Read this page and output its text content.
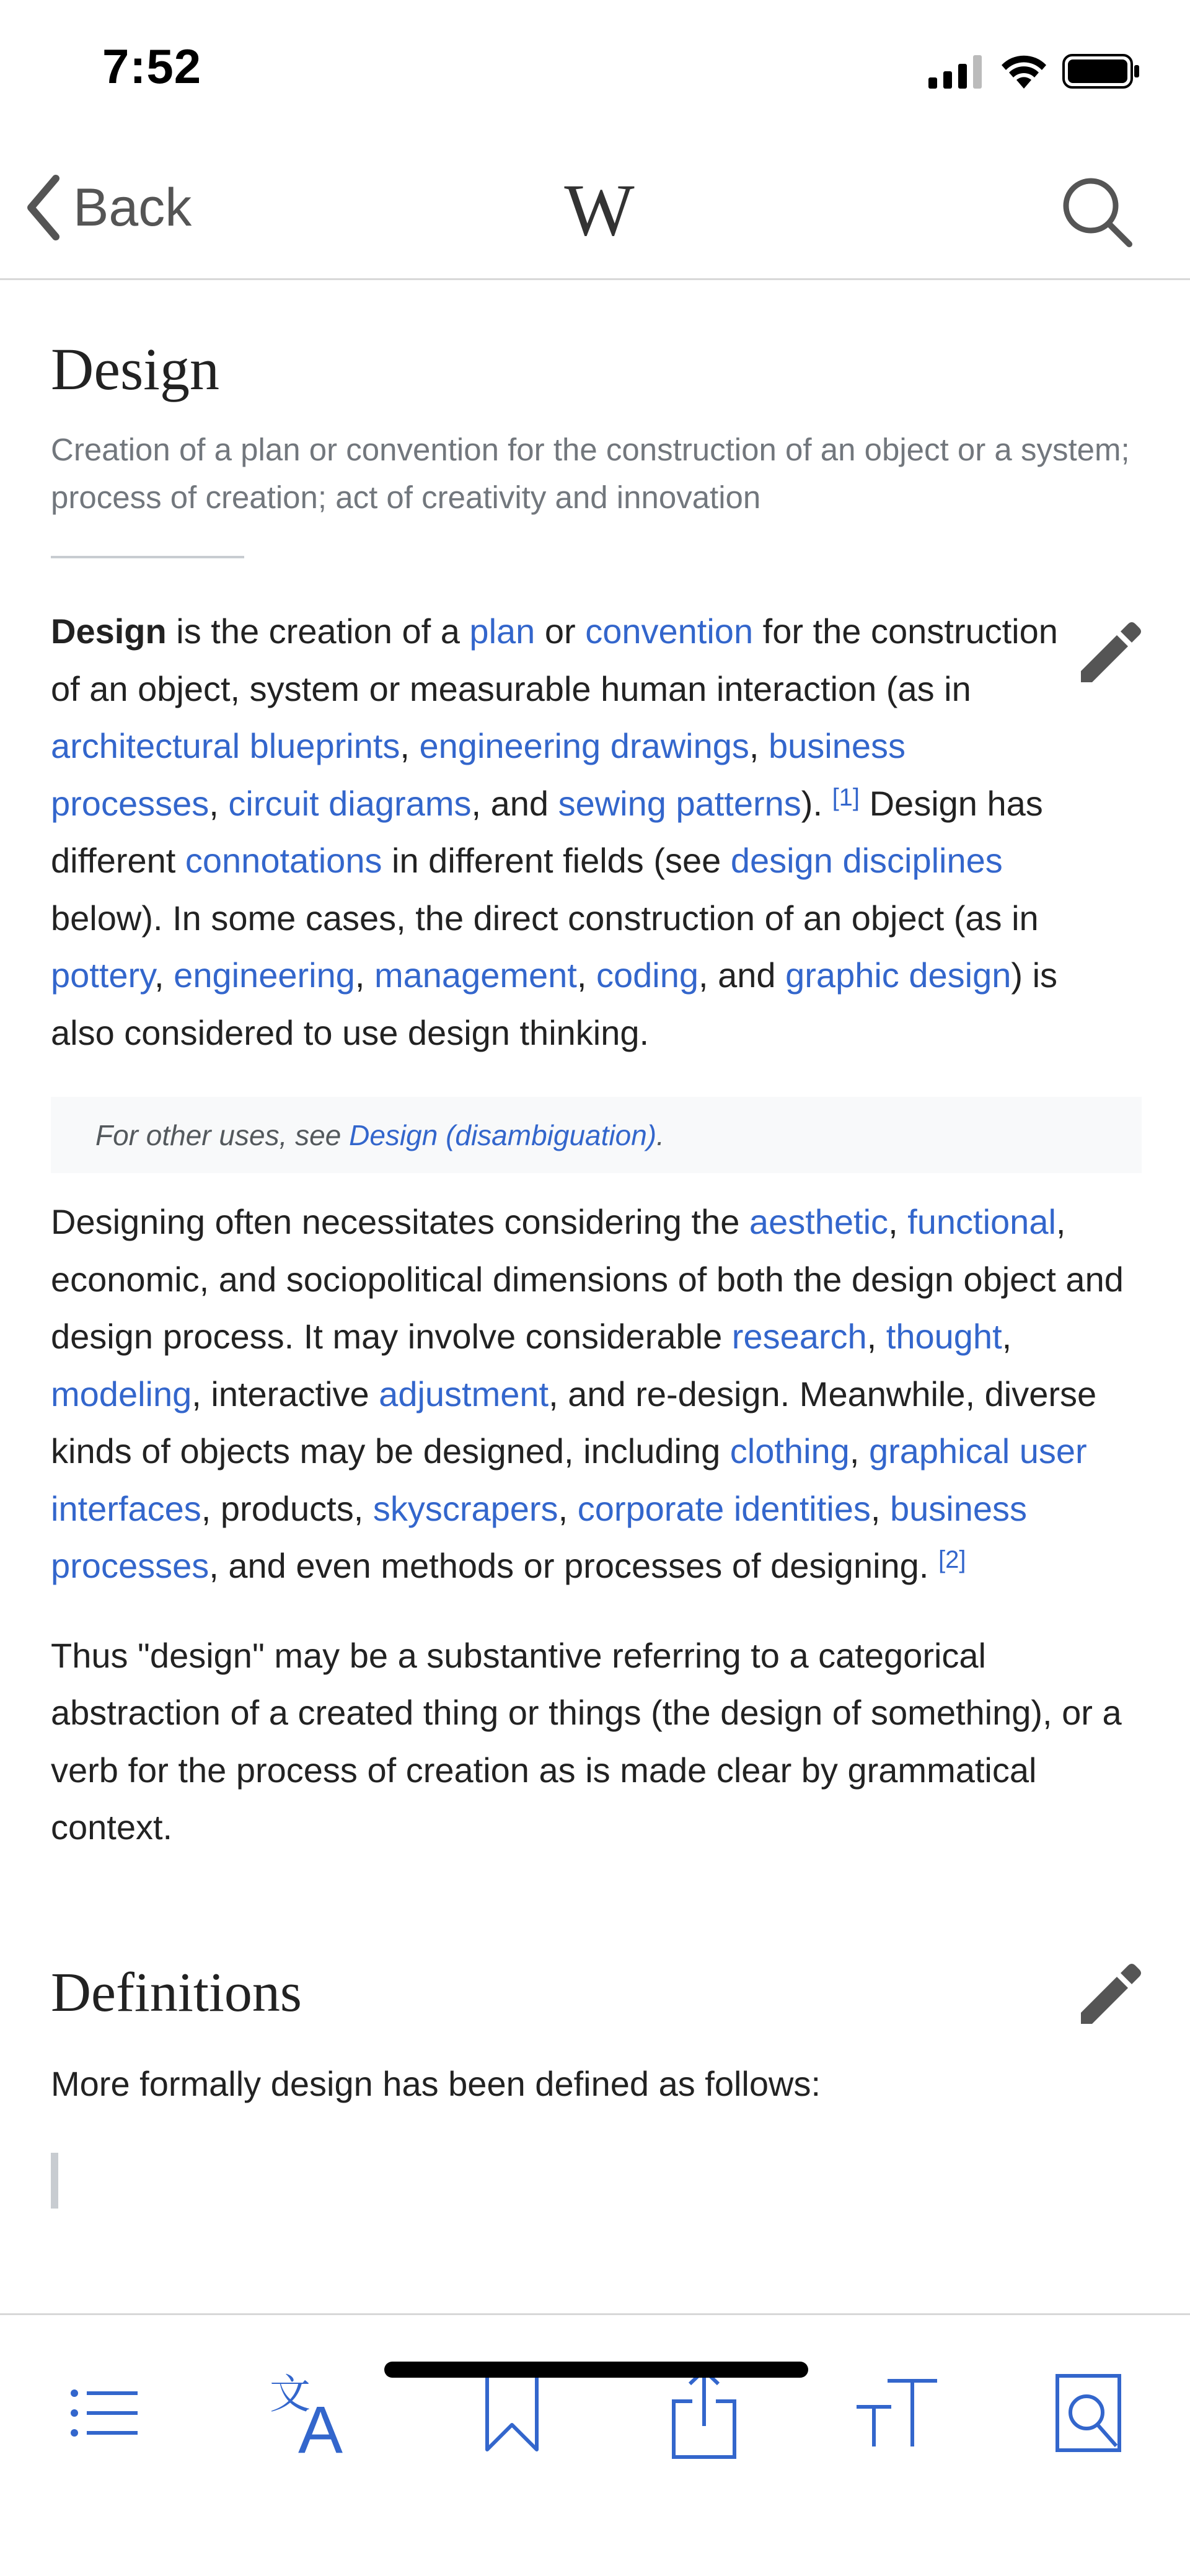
7:52
Back	W
Design

Creation of a plan or convention for the construction of an object or a system; process of creation; act of creativity and innovation

Design is the creation of a plan or convention for the construction of an object, system or measurable human interaction (as in architectural blueprints, engineering drawings, business processes, circuit diagrams, and sewing patterns). [1] Design has different connotations in different fields (see design disciplines below). In some cases, the direct construction of an object (as in pottery, engineering, management, coding, and graphic design) is also considered to use design thinking.

For other uses, see
Design (disambiguation) .

Designing often necessitates considering the aesthetic, functional, economic, and sociopolitical dimensions of both the design object and design process. It may involve considerable research, thought, modeling, interactive adjustment, and re-design. Meanwhile, diverse kinds of objects may be designed, including clothing, graphical user interfaces, products, skyscrapers, corporate identities, business processes, and even methods or processes of designing. [2]

Thus "design" may be a substantive referring to a categorical abstraction of a created thing or things (the design of something), or a verb for the process of creation as is made clear by grammatical context.

Definitions

More formally design has been defined as follows:

文
A
